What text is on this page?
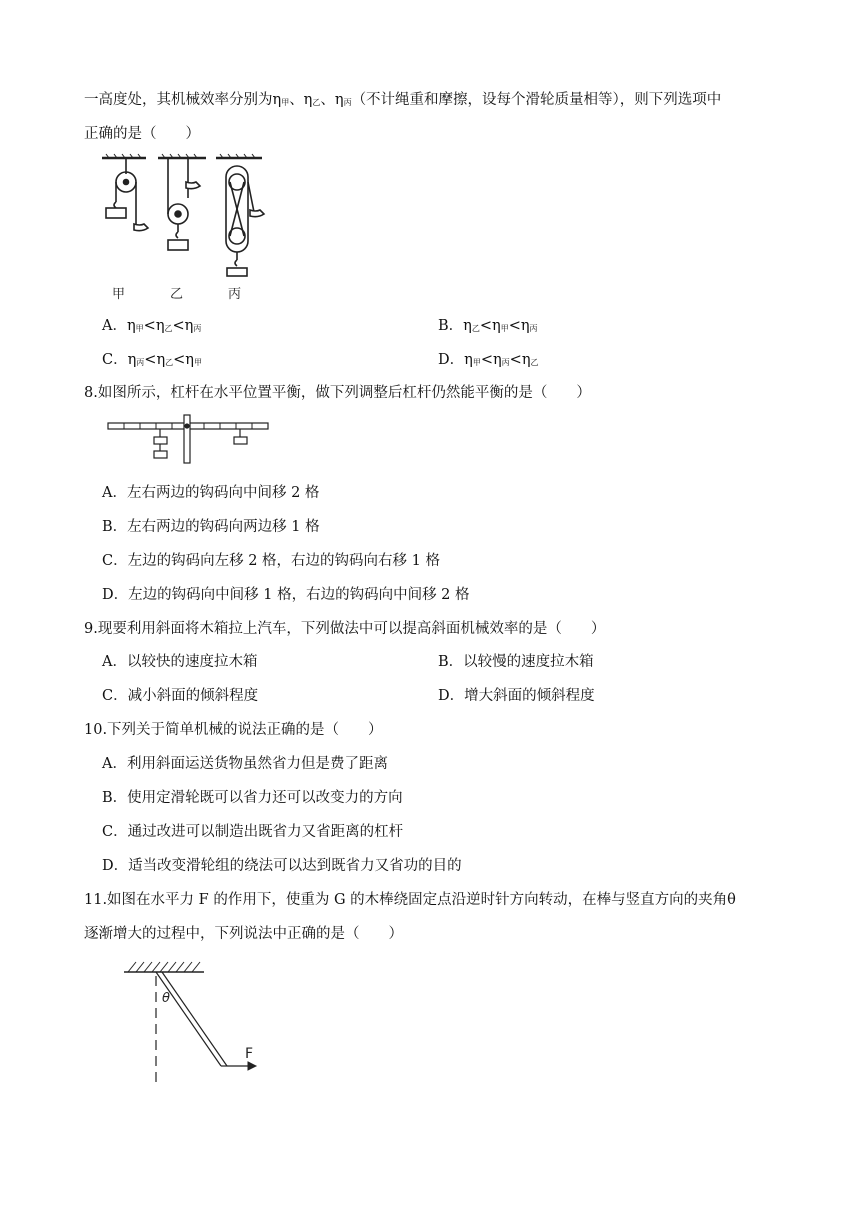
一高度处，其机械效率分别为$\eta_甲$、$\eta_乙$、$\eta_丙$（不计绳重和摩擦，设每个滑轮质量相等），则下列选项中
正确的是（　　）
甲	乙	丙
A．$\eta_甲<\eta_乙<\eta_丙$	B．$\eta_乙<\eta_甲<\eta_丙$
C．$\eta_丙<\eta_乙<\eta_甲$	D．$\eta_甲<\eta_丙<\eta_乙$
8.如图所示，杠杆在水平位置平衡，做下列调整后杠杆仍然能平衡的是（　　）
A．左右两边的钩码向中间移 2 格
B．左右两边的钩码向两边移 1 格
C．左边的钩码向左移 2 格，右边的钩码向右移 1 格
D．左边的钩码向中间移 1 格，右边的钩码向中间移 2 格
9.现要利用斜面将木箱拉上汽车，下列做法中可以提高斜面机械效率的是（　　）
A．以较快的速度拉木箱	B．以较慢的速度拉木箱
C．减小斜面的倾斜程度	D．增大斜面的倾斜程度
10.下列关于简单机械的说法正确的是（　　）
A．利用斜面运送货物虽然省力但是费了距离
B．使用定滑轮既可以省力还可以改变力的方向
C．通过改进可以制造出既省力又省距离的杠杆
D．适当改变滑轮组的绕法可以达到既省力又省功的目的
11.如图在水平力 F 的作用下，使重为 G 的木棒绕固定点沿逆时针方向转动，在棒与竖直方向的夹角θ
逐渐增大的过程中，下列说法中正确的是（　　）
θ
F
